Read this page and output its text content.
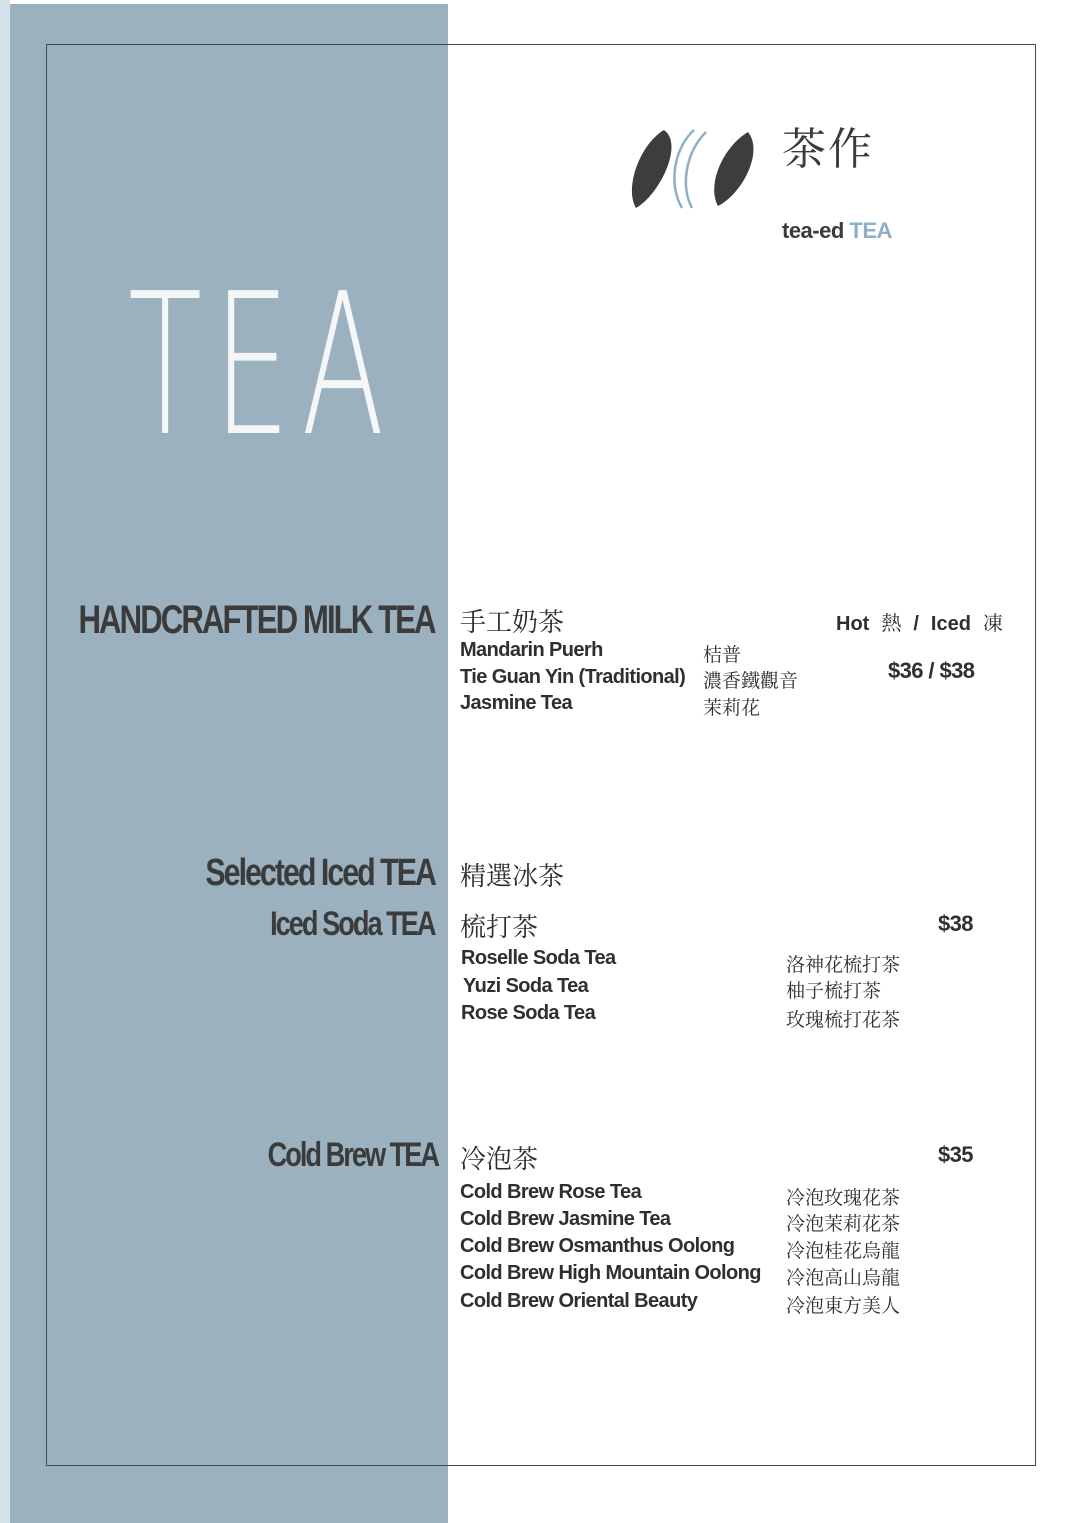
TEA
茶作
tea-ed TEA
HANDCRAFTED MILK TEA 手工奶茶	Hot 熱 / Iced 凍
Mandarin Puerh	桔普
Tie Guan Yin (Traditional) 濃香鐵觀音
Jasmine Tea	茉莉花
$36 / $38
Selected Iced TEA 精選冰茶
Iced Soda TEA 梳打茶	$38
Roselle Soda Tea	洛神花梳打茶
Yuzi Soda Tea	柚子梳打茶
Rose Soda Tea	玫瑰梳打花茶
Cold Brew TEA 冷泡茶	$35
Cold Brew Rose Tea	冷泡玫瑰花茶
Cold Brew Jasmine Tea	冷泡茉莉花茶
Cold Brew Osmanthus Oolong	冷泡桂花烏龍
Cold Brew High Mountain Oolong 冷泡高山烏龍
Cold Brew Oriental Beauty	冷泡東方美人
